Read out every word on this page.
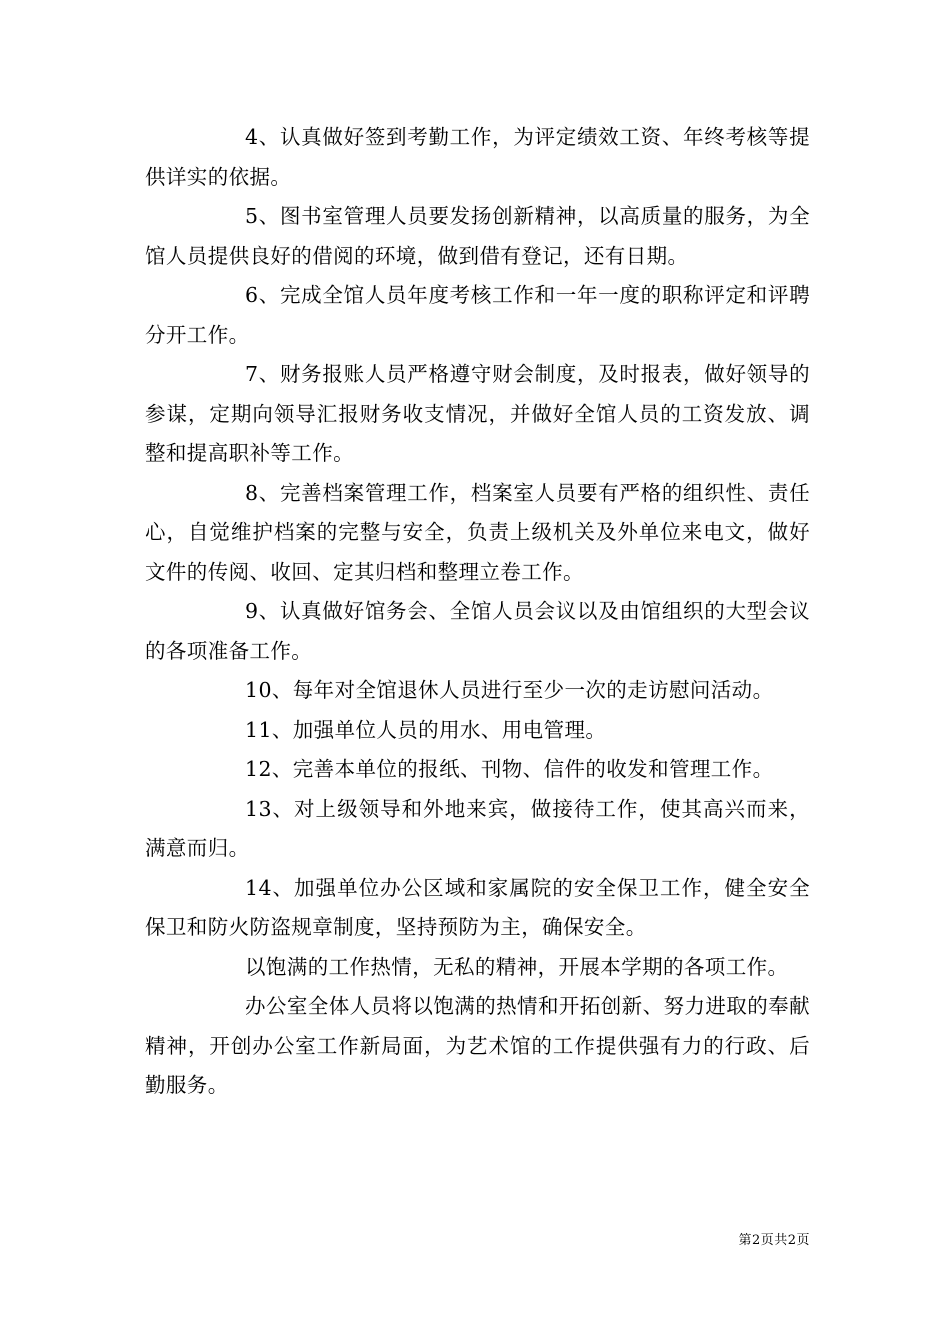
4、认真做好签到考勤工作，为评定绩效工资、年终考核等提供详实的依据。

5、图书室管理人员要发扬创新精神，以高质量的服务，为全馆人员提供良好的借阅的环境，做到借有登记，还有日期。

6、完成全馆人员年度考核工作和一年一度的职称评定和评聘分开工作。

7、财务报账人员严格遵守财会制度，及时报表，做好领导的参谋，定期向领导汇报财务收支情况，并做好全馆人员的工资发放、调整和提高职补等工作。

8、完善档案管理工作，档案室人员要有严格的组织性、责任心，自觉维护档案的完整与安全，负责上级机关及外单位来电文，做好文件的传阅、收回、定其归档和整理立卷工作。

9、认真做好馆务会、全馆人员会议以及由馆组织的大型会议的各项准备工作。

10、每年对全馆退休人员进行至少一次的走访慰问活动。

11、加强单位人员的用水、用电管理。

12、完善本单位的报纸、刊物、信件的收发和管理工作。

13、对上级领导和外地来宾，做接待工作，使其高兴而来，满意而归。

14、加强单位办公区域和家属院的安全保卫工作，健全安全保卫和防火防盗规章制度，坚持预防为主，确保安全。

以饱满的工作热情，无私的精神，开展本学期的各项工作。

办公室全体人员将以饱满的热情和开拓创新、努力进取的奉献精神，开创办公室工作新局面，为艺术馆的工作提供强有力的行政、后勤服务。

第2页共2页
